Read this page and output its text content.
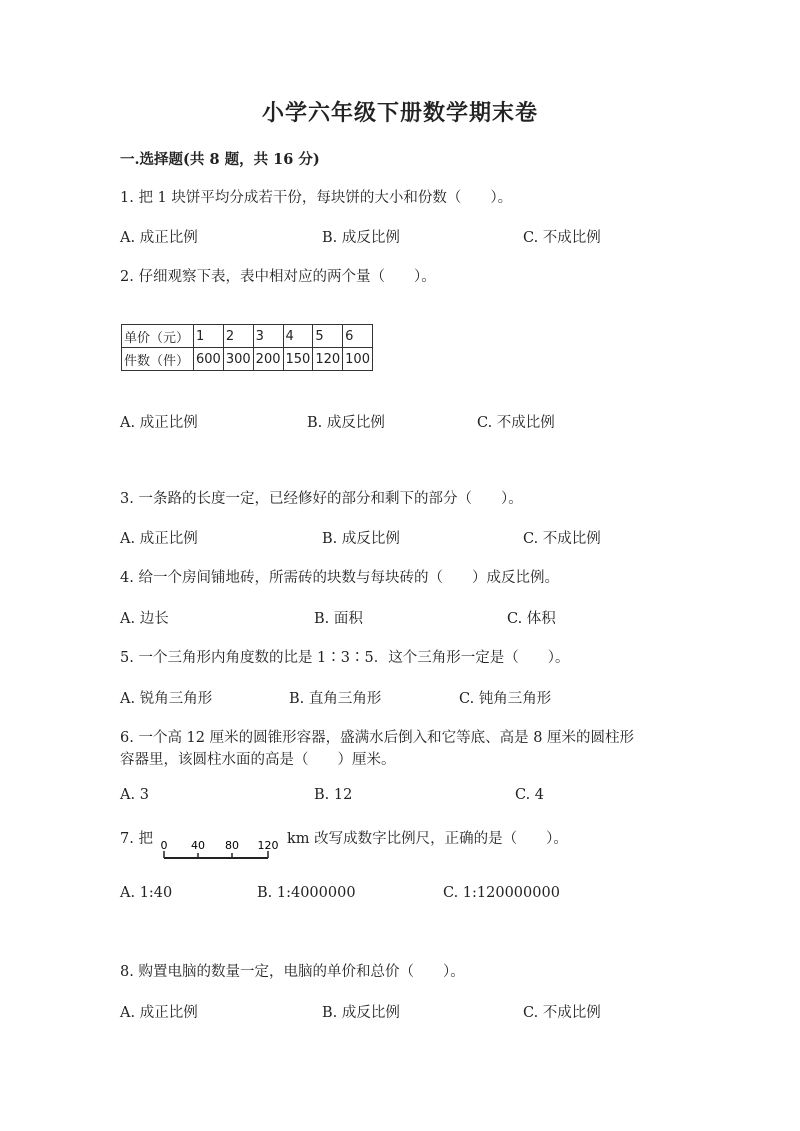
小学六年级下册数学期末卷
一.选择题(共 8 题，共 16 分)
1. 把 1 块饼平均分成若干份，每块饼的大小和份数（　　）。
A. 成正比例	B. 成反比例	C. 不成比例
2. 仔细观察下表，表中相对应的两个量（　　）。
单价（元）	1	2	3	4	5	6
件数（件）	600	300	200	150	120	100
A. 成正比例	B. 成反比例	C. 不成比例
3. 一条路的长度一定，已经修好的部分和剩下的部分（　　）。
A. 成正比例	B. 成反比例	C. 不成比例
4. 给一个房间铺地砖，所需砖的块数与每块砖的（　　）成反比例。
A. 边长	B. 面积	C. 体积
5. 一个三角形内角度数的比是 1∶3∶5．这个三角形一定是（　　）。
A. 锐角三角形	B. 直角三角形	C. 钝角三角形
6. 一个高 12 厘米的圆锥形容器，盛满水后倒入和它等底、高是 8 厘米的圆柱形
容器里，该圆柱水面的高是（　　）厘米。
A. 3	B. 12	C. 4
7. 把 0 40 80 120 km 改写成数字比例尺，正确的是（　　）。
A. 1:40	B. 1:4000000	C. 1:120000000
8. 购置电脑的数量一定，电脑的单价和总价（　　）。
A. 成正比例	B. 成反比例	C. 不成比例
